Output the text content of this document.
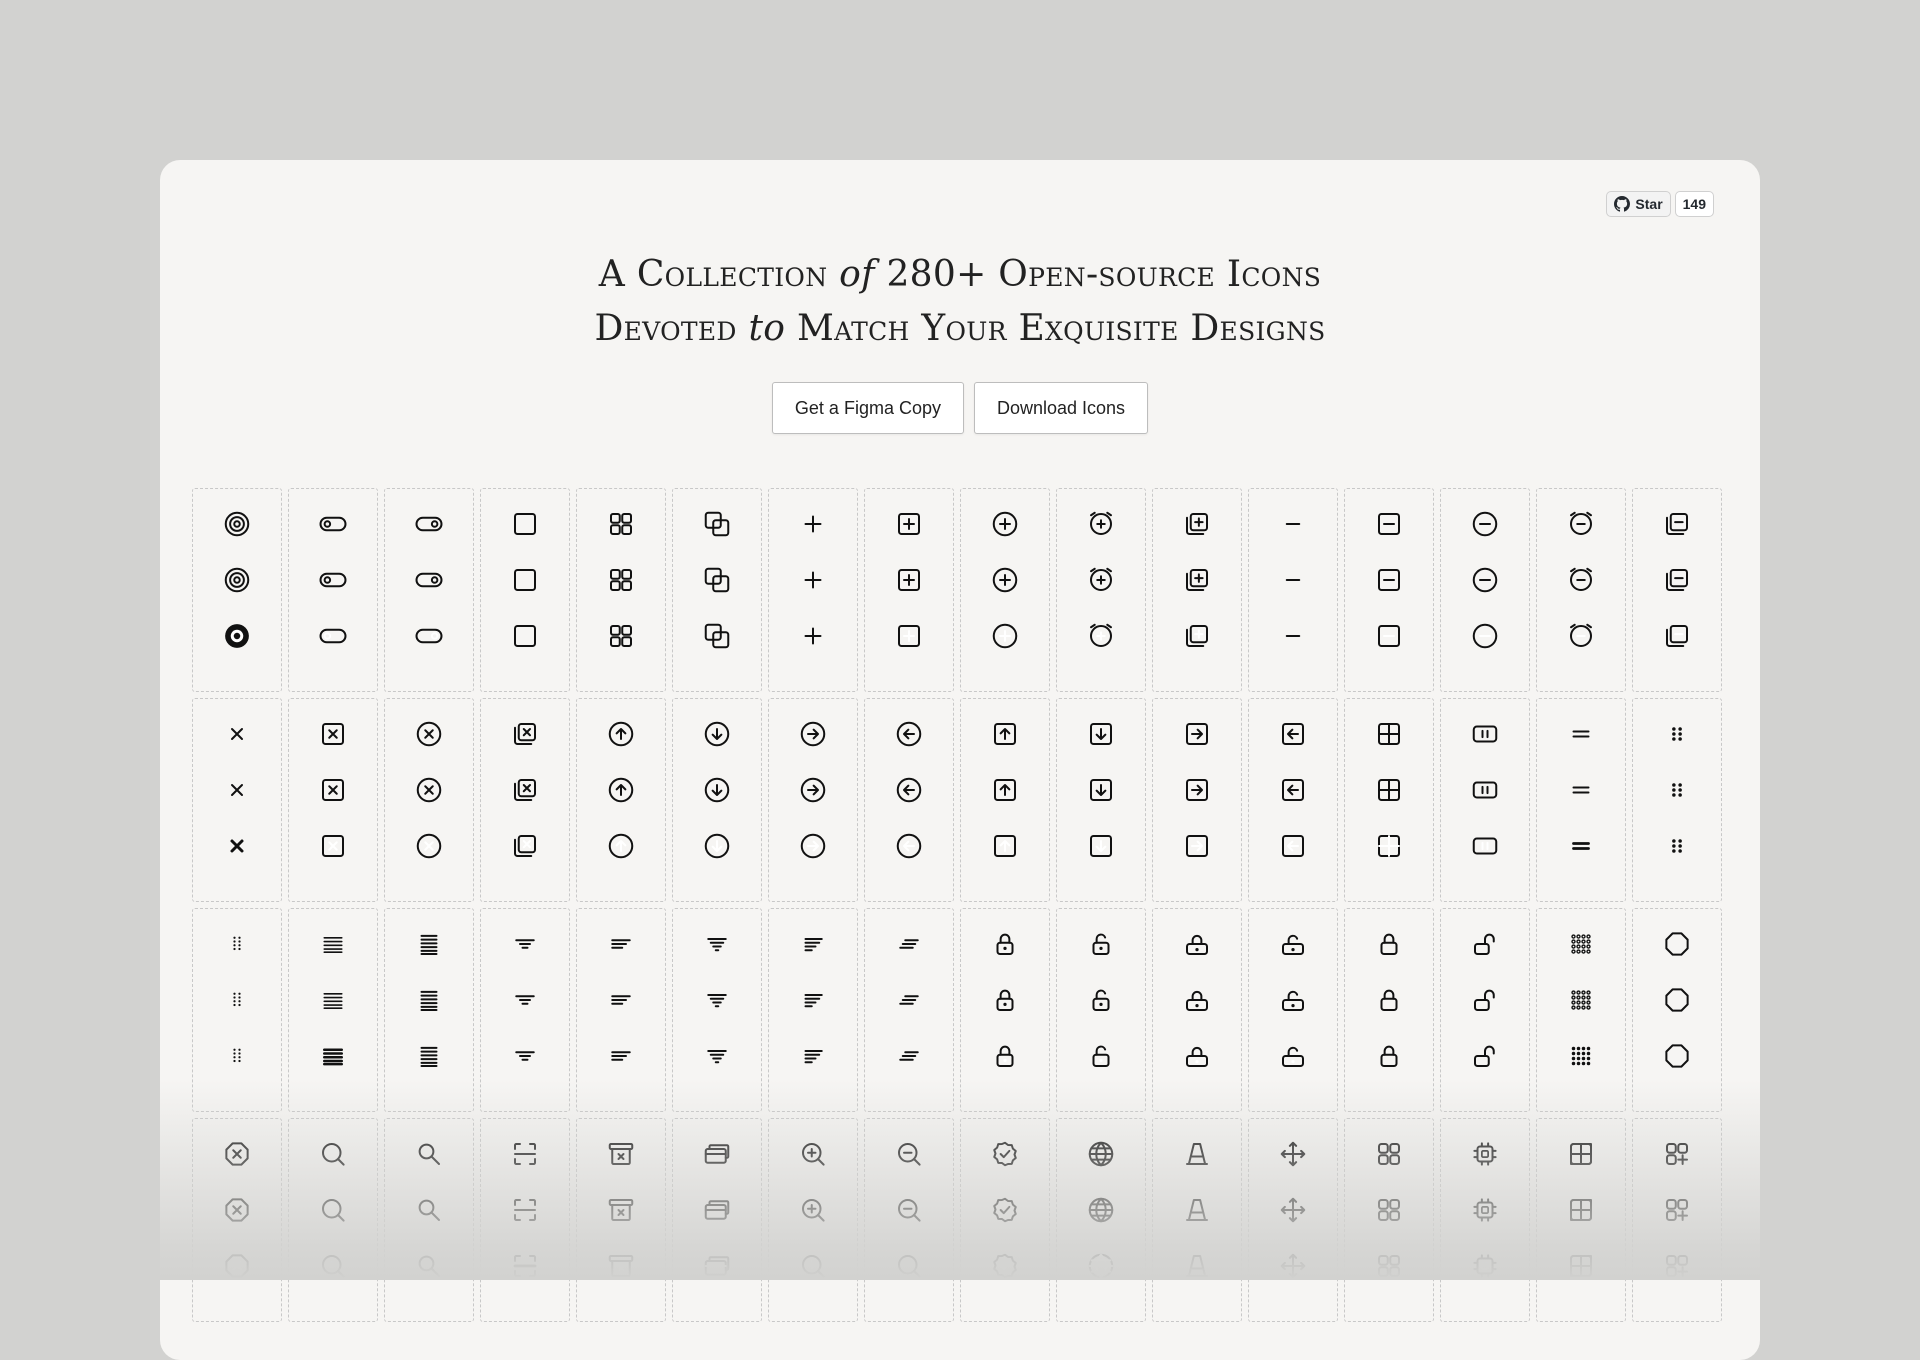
Star	149
A Collection of 280+ Open-source Icons
Devoted to Match Your Exquisite Designs
Get a Figma Copy	Download Icons
